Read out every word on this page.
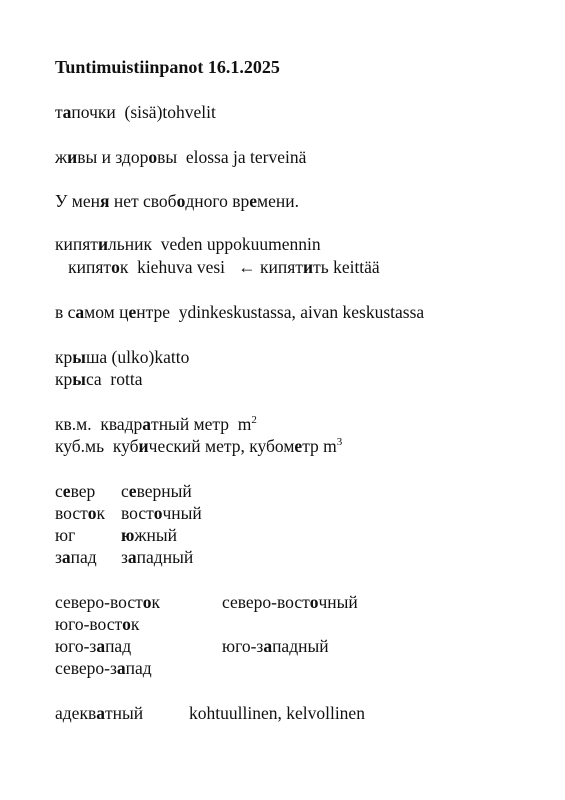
Tuntimuistiinpanot 16.1.2025
тапочки  (sisä)tohvelit
живы и здоровы  elossa ja terveinä
У меня нет свободного времени.
кипятильник  veden uppokuumennin
кипяток  kiehuva vesi   ← кипятить keittää
в самом центре  ydinkeskustassa, aivan keskustassa
крыша (ulko)katto
крыса  rotta
кв.м.  квадратный метр  $m^2$
куб.мь  кубический метр, кубометр $m^3$
север северный
восток восточный
юг	южный
запад западный
северо-восток	северо-восточный
юго-восток
юго-запад	юго-западный
северо-запад
адекватный	kohtuullinen, kelvollinen
